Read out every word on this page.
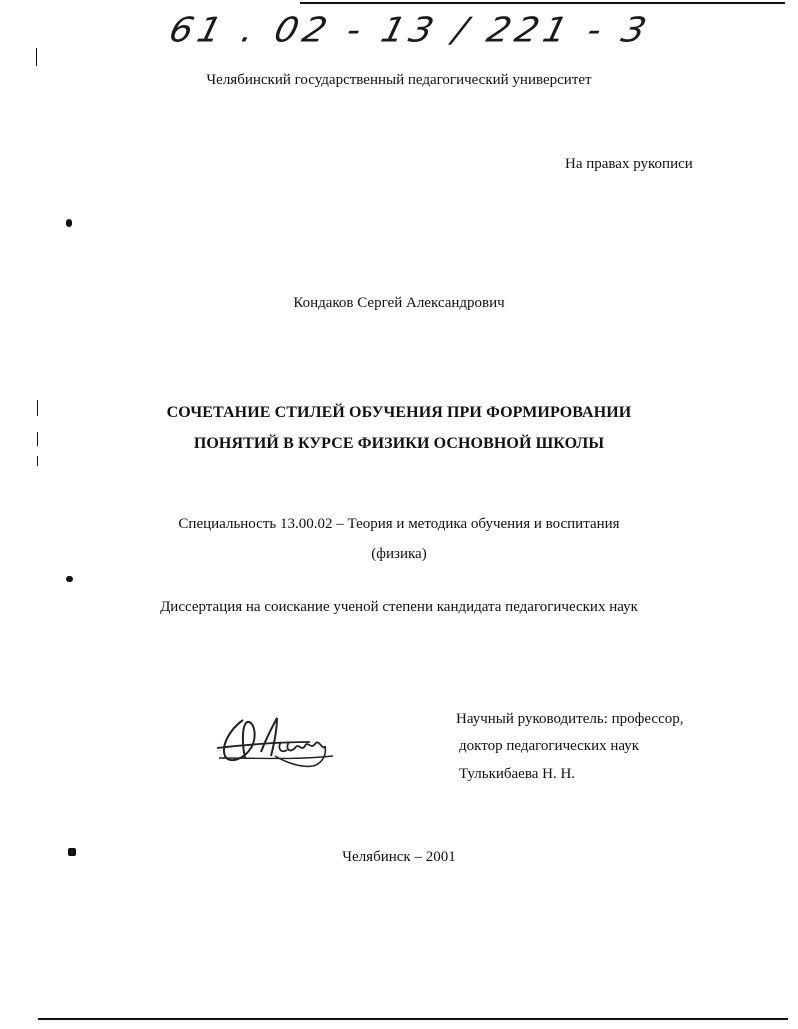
61 . 02 - 13 / 221 - 3
Челябинский государственный педагогический университет
На правах рукописи
Кондаков Сергей Александрович
СОЧЕТАНИЕ СТИЛЕЙ ОБУЧЕНИЯ ПРИ ФОРМИРОВАНИИ
ПОНЯТИЙ В КУРСЕ ФИЗИКИ ОСНОВНОЙ ШКОЛЫ
Специальность 13.00.02 – Теория и методика обучения и воспитания
(физика)
Диссертация на соискание ученой степени кандидата педагогических наук
Научный руководитель: профессор,
доктор педагогических наук
Тулькибаева Н. Н.
Челябинск – 2001
